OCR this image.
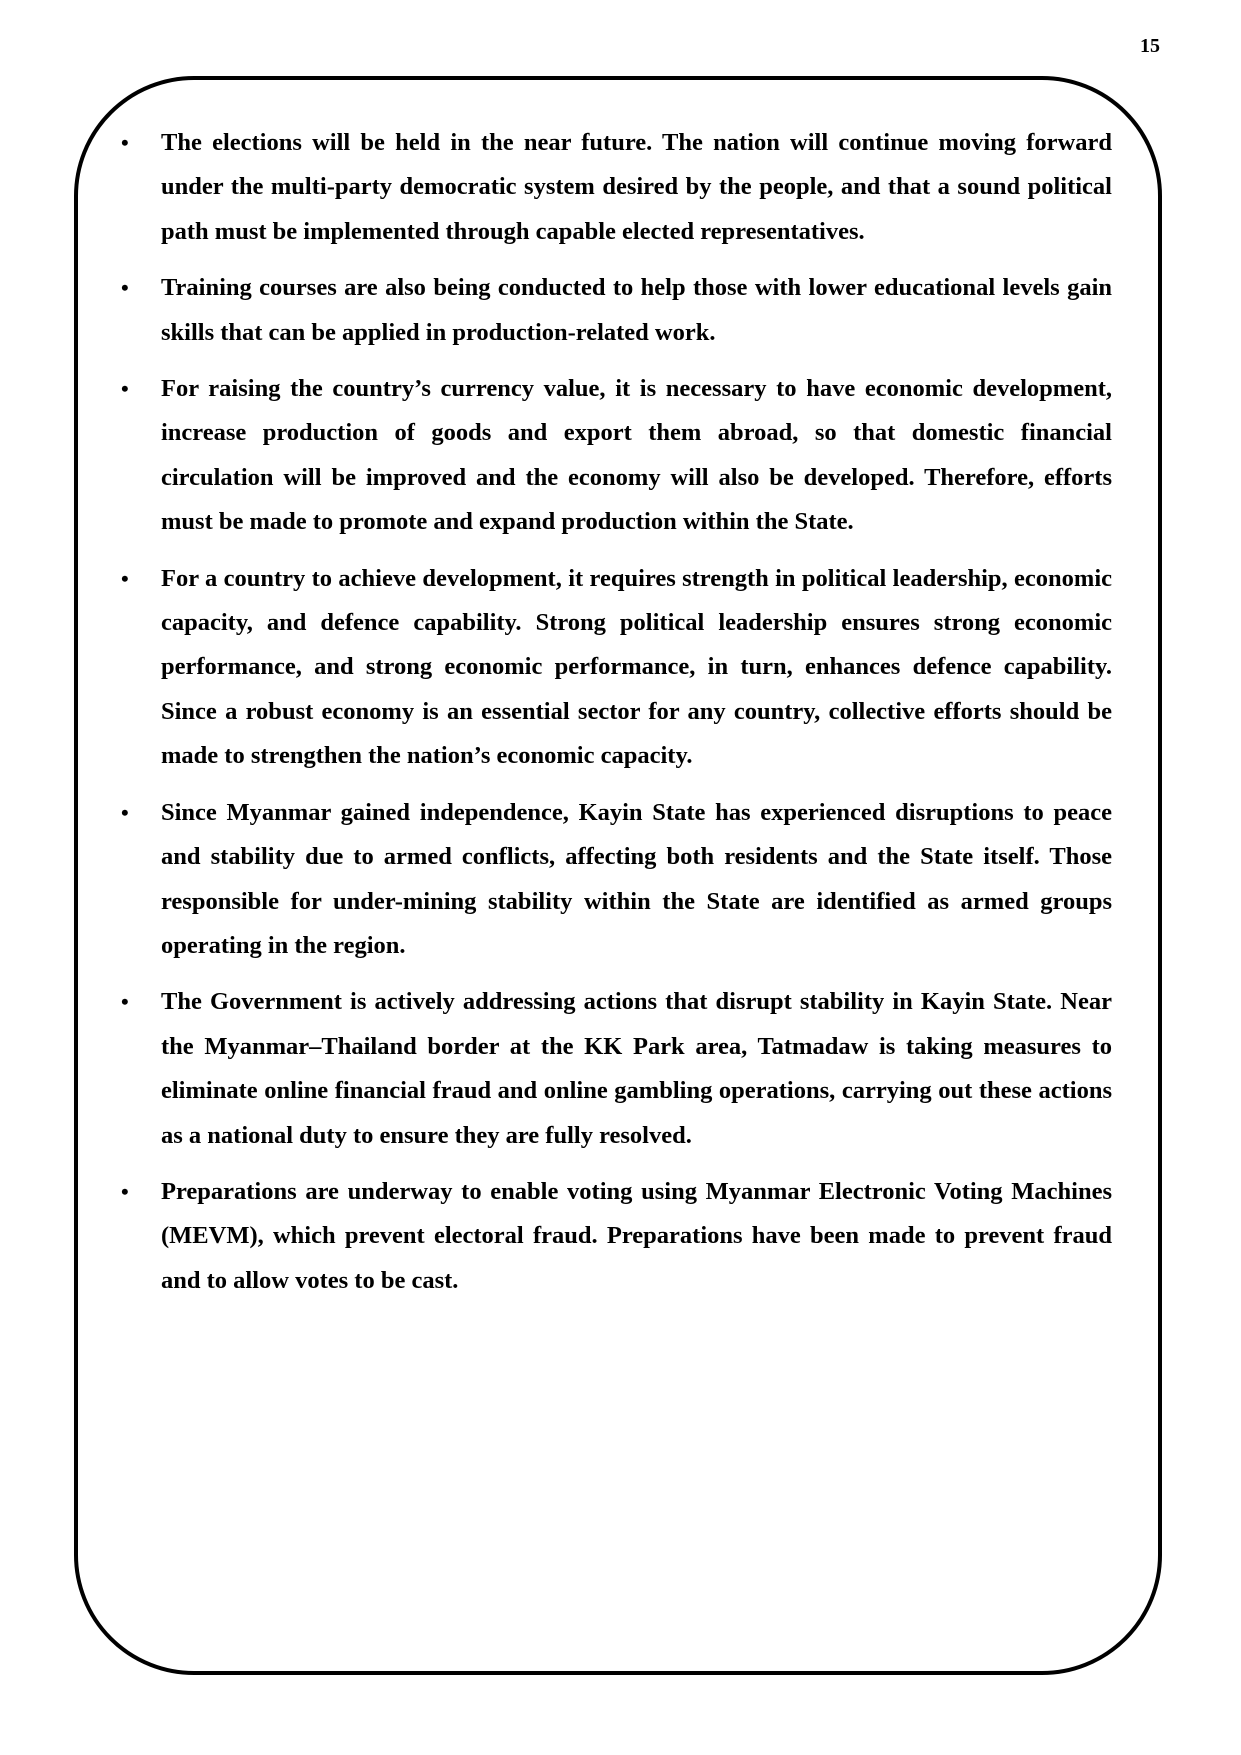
15
• The elections will be held in the near future. The nation will continue moving forward under the multi-party democratic system desired by the people, and that a sound political path must be implemented through capable elected representatives.
• Training courses are also being conducted to help those with lower educational levels gain skills that can be applied in production-related work.
• For raising the country’s currency value, it is necessary to have economic development, increase production of goods and export them abroad, so that domestic financial circulation will be improved and the economy will also be developed. Therefore, efforts must be made to promote and expand production within the State.
• For a country to achieve development, it requires strength in political leadership, economic capacity, and defence capability. Strong political leadership ensures strong economic performance, and strong economic performance, in turn, enhances defence capability. Since a robust economy is an essential sector for any country, collective efforts should be made to strengthen the nation’s economic capacity.
• Since Myanmar gained independence, Kayin State has experienced disruptions to peace and stability due to armed conflicts, affecting both residents and the State itself. Those responsible for under-mining stability within the State are identified as armed groups operating in the region.
• The Government is actively addressing actions that disrupt stability in Kayin State. Near the Myanmar–Thailand border at the KK Park area, Tatmadaw is taking measures to eliminate online financial fraud and online gambling operations, carrying out these actions as a national duty to ensure they are fully resolved.
• Preparations are underway to enable voting using Myanmar Electronic Voting Machines (MEVM), which prevent electoral fraud. Preparations have been made to prevent fraud and to allow votes to be cast.
